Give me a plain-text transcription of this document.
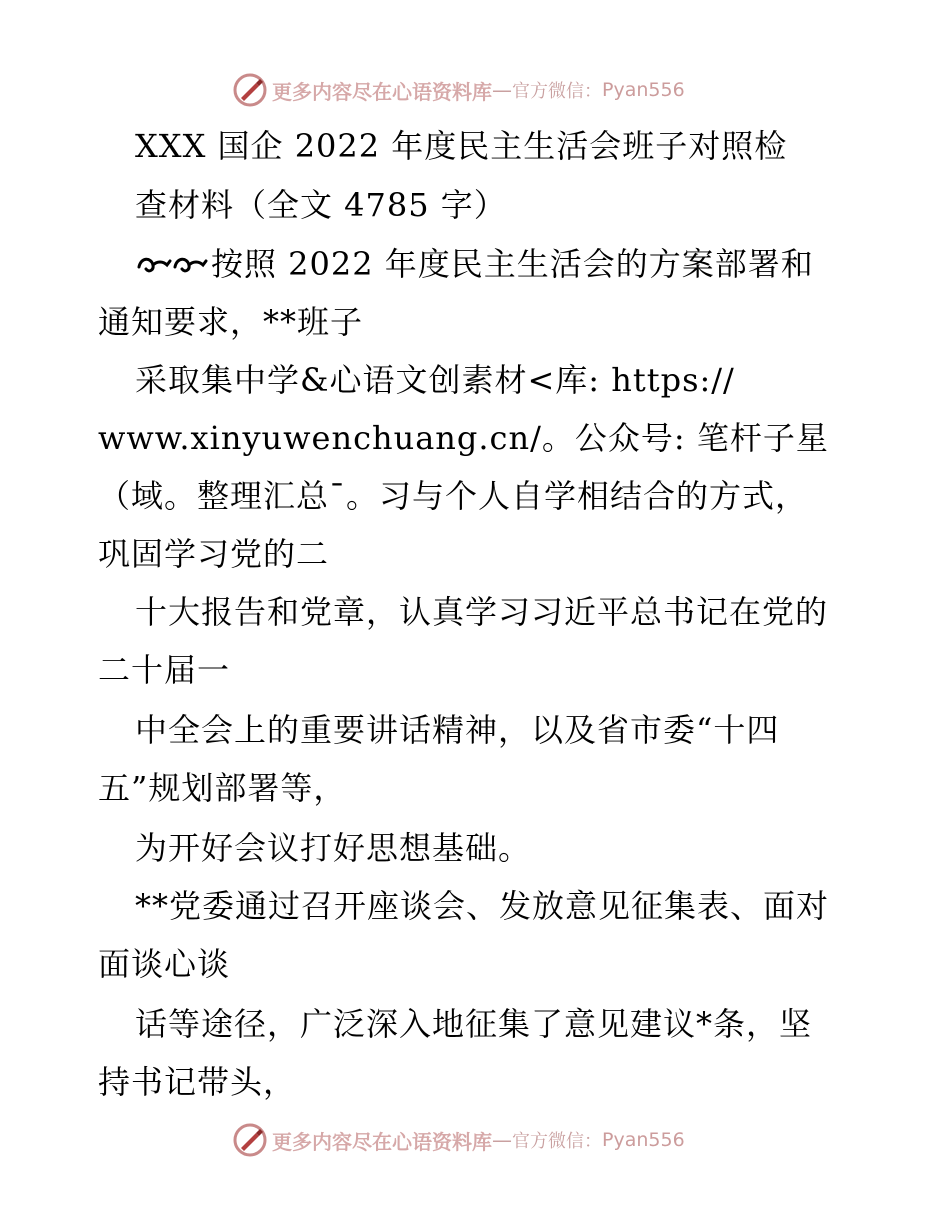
更多内容尽在心语资料库 — 官方微信： Pyan556
XXX 国企 2022 年度民主生活会班子对照检
查材料（全文 4785 字）
按照 2022 年度民主生活会的方案部署和
通知要求，**班子
采取集中学&心语文创素材<库: https://
www.xinyuwenchuang.cn/。公众号: 笔杆子星
（域。整理汇总¯。习与个人自学相结合的方式，
巩固学习党的二
十大报告和党章，认真学习习近平总书记在党的
二十届一
中全会上的重要讲话精神，以及省市委“十四
五”规划部署等，
为开好会议打好思想基础。
**党委通过召开座谈会、发放意见征集表、面对
面谈心谈
话等途径，广泛深入地征集了意见建议*条，坚
持书记带头，
更多内容尽在心语资料库 — 官方微信： Pyan556
